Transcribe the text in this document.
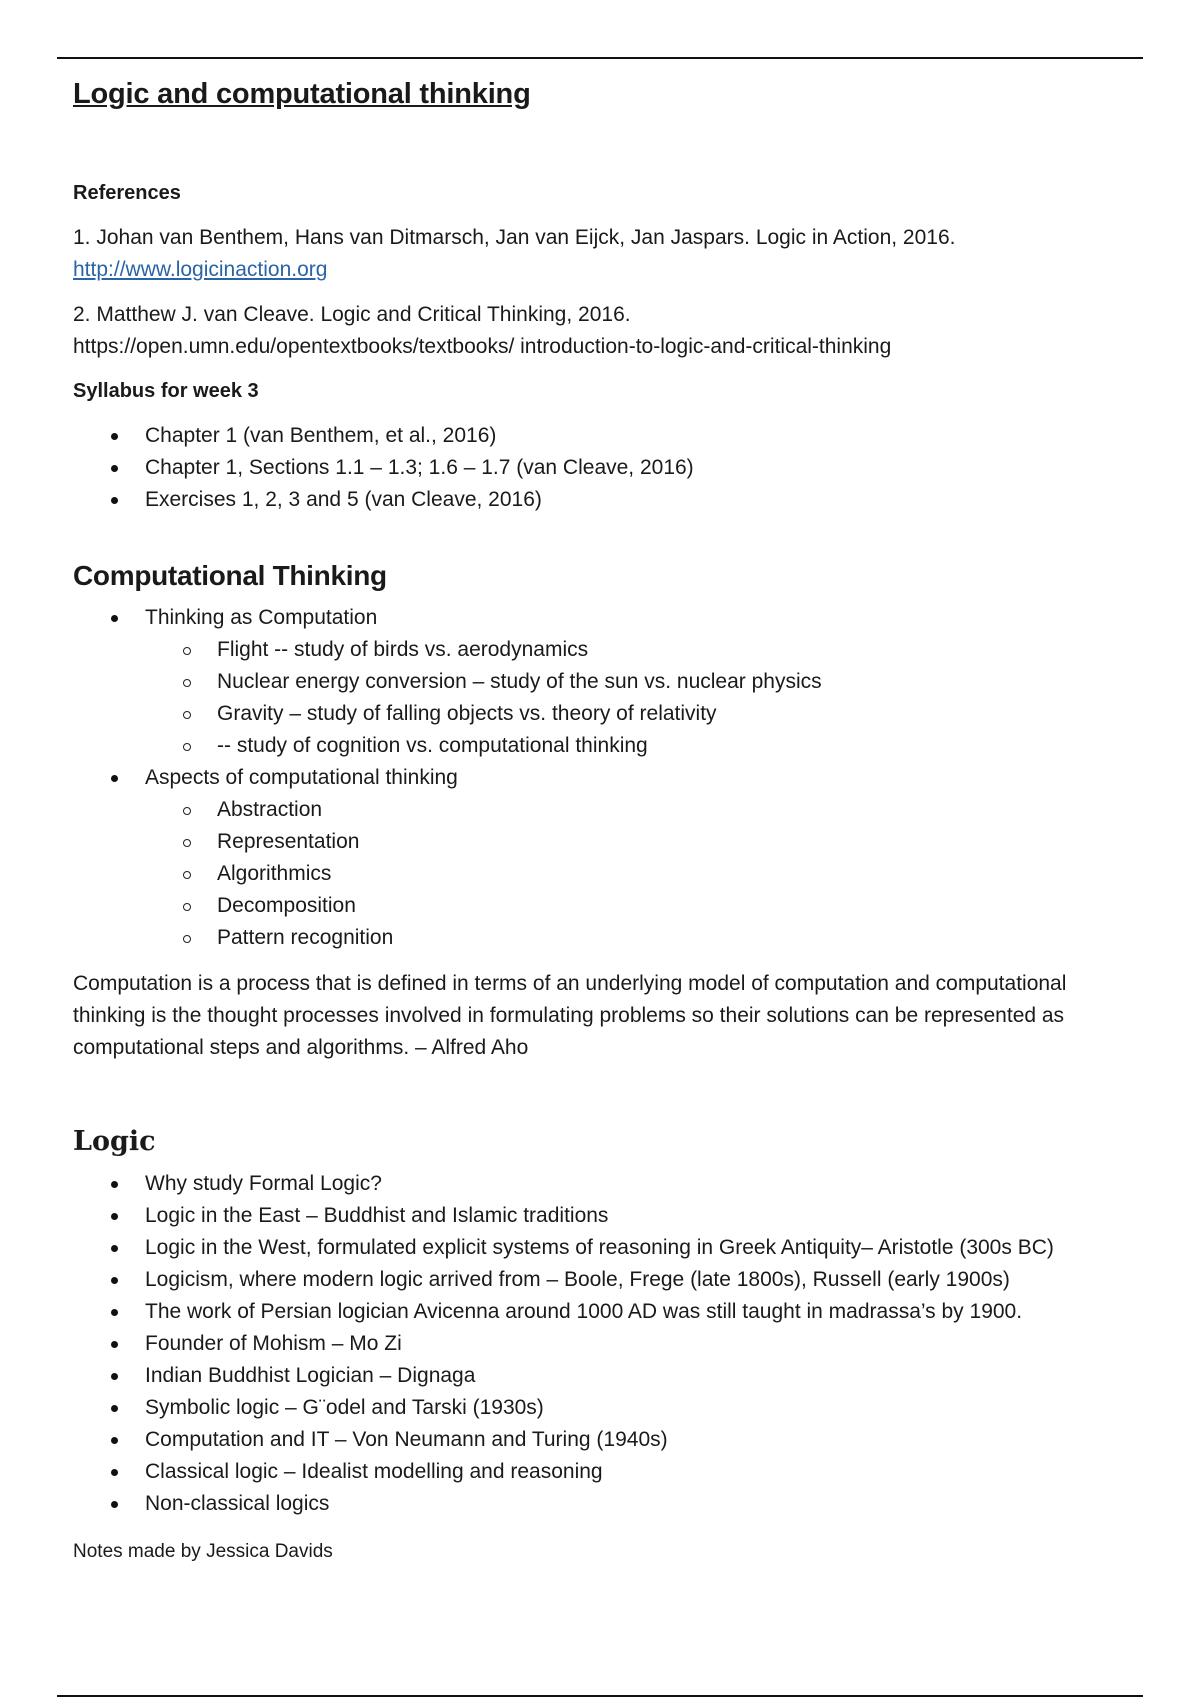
Logic and computational thinking

References

1. Johan van Benthem, Hans van Ditmarsch, Jan van Eijck, Jan Jaspars. Logic in Action, 2016.

http://www.logicinaction.org

2. Matthew J. van Cleave. Logic and Critical Thinking, 2016.

https://open.umn.edu/opentextbooks/textbooks/ introduction-to-logic-and-critical-thinking

Syllabus for week 3

Chapter 1 (van Benthem, et al., 2016)
Chapter 1, Sections 1.1 – 1.3; 1.6 – 1.7 (van Cleave, 2016)
Exercises 1, 2, 3 and 5 (van Cleave, 2016)
Computational Thinking
Thinking as Computation
Flight -- study of birds vs. aerodynamics
Nuclear energy conversion – study of the sun vs. nuclear physics
Gravity – study of falling objects vs. theory of relativity
-- study of cognition vs. computational thinking
Aspects of computational thinking
Abstraction
Representation
Algorithmics
Decomposition
Pattern recognition

Computation is a process that is defined in terms of an underlying model of computation and computational thinking is the thought processes involved in formulating problems so their solutions can be represented as computational steps and algorithms. – Alfred Aho

Logic
Why study Formal Logic?
Logic in the East – Buddhist and Islamic traditions
Logic in the West, formulated explicit systems of reasoning in Greek Antiquity– Aristotle (300s BC)
Logicism, where modern logic arrived from – Boole, Frege (late 1800s), Russell (early 1900s)
The work of Persian logician Avicenna around 1000 AD was still taught in madrassa’s by 1900.
Founder of Mohism – Mo Zi
Indian Buddhist Logician – Dignaga
Symbolic logic – G¨odel and Tarski (1930s)
Computation and IT – Von Neumann and Turing (1940s)
Classical logic – Idealist modelling and reasoning
Non-classical logics

Notes made by Jessica Davids
